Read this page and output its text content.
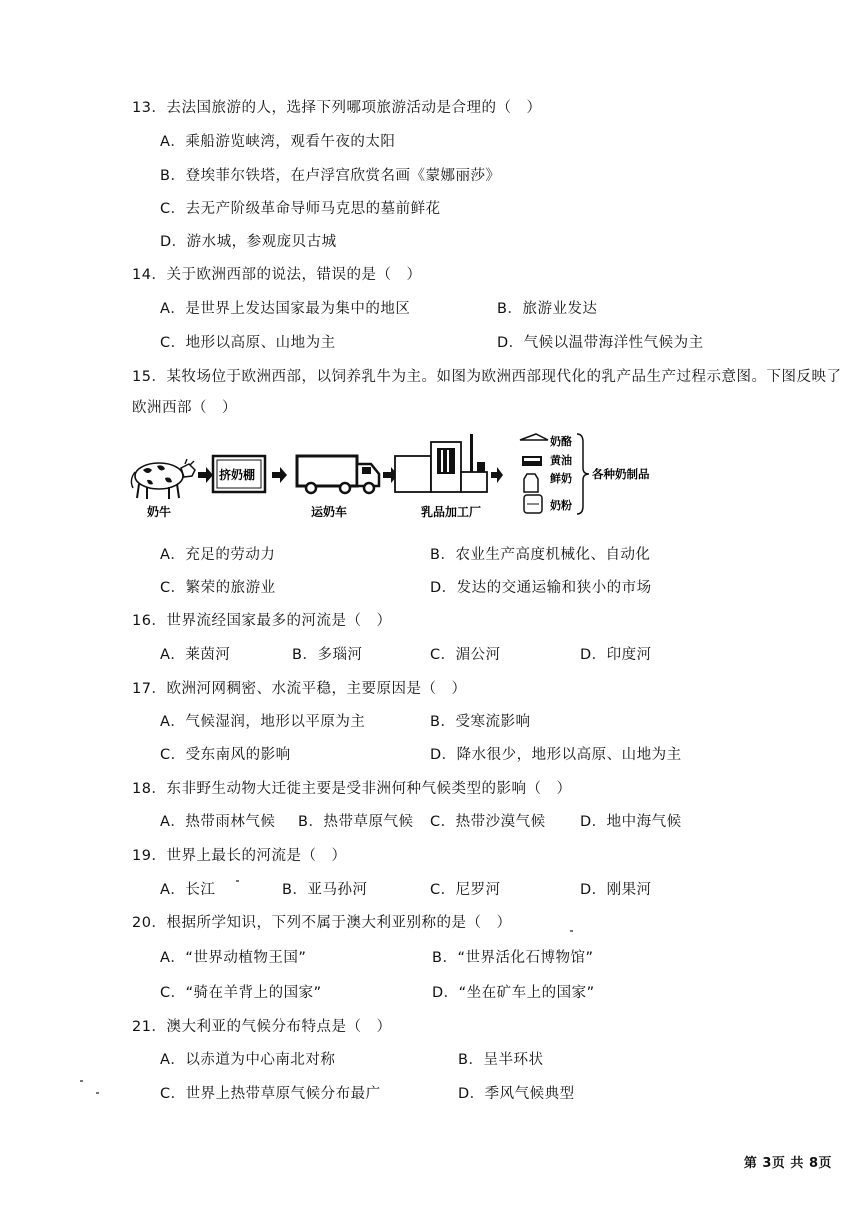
13．去法国旅游的人，选择下列哪项旅游活动是合理的（　）
A．乘船游览峡湾，观看午夜的太阳
B．登埃菲尔铁塔，在卢浮宫欣赏名画《蒙娜丽莎》
C．去无产阶级革命导师马克思的墓前鲜花
D．游水城，参观庞贝古城
14．关于欧洲西部的说法，错误的是（　）
A．是世界上发达国家最为集中的地区	B．旅游业发达
C．地形以高原、山地为主	D．气候以温带海洋性气候为主
15．某牧场位于欧洲西部，以饲养乳牛为主。如图为欧洲西部现代化的乳产品生产过程示意图。下图反映了
欧洲西部（　）
奶牛
挤奶棚
运奶车	乳品加工厂
奶酪
黄油
鲜奶
奶粉
各种奶制品
A．充足的劳动力	B．农业生产高度机械化、自动化
C．繁荣的旅游业	D．发达的交通运输和狭小的市场
16．世界流经国家最多的河流是（　）
A．莱茵河	B．多瑙河	C．湄公河	D．印度河
17．欧洲河网稠密、水流平稳，主要原因是（　）
A．气候湿润，地形以平原为主	B．受寒流影响
C．受东南风的影响	D．降水很少，地形以高原、山地为主
18．东非野生动物大迁徙主要是受非洲何种气候类型的影响（　）
A．热带雨林气候 B．热带草原气候 C．热带沙漠气候 D．地中海气候
19．世界上最长的河流是（　）
A．长江	B．亚马孙河	C．尼罗河	D．刚果河
20．根据所学知识，下列不属于澳大利亚别称的是（　）
A．“世界动植物王国”	B．“世界活化石博物馆”
C．“骑在羊背上的国家”	D．“坐在矿车上的国家”
21．澳大利亚的气候分布特点是（　）
A．以赤道为中心南北对称	B．呈半环状
C．世界上热带草原气候分布最广	D．季风气候典型
第 3页 共 8页
